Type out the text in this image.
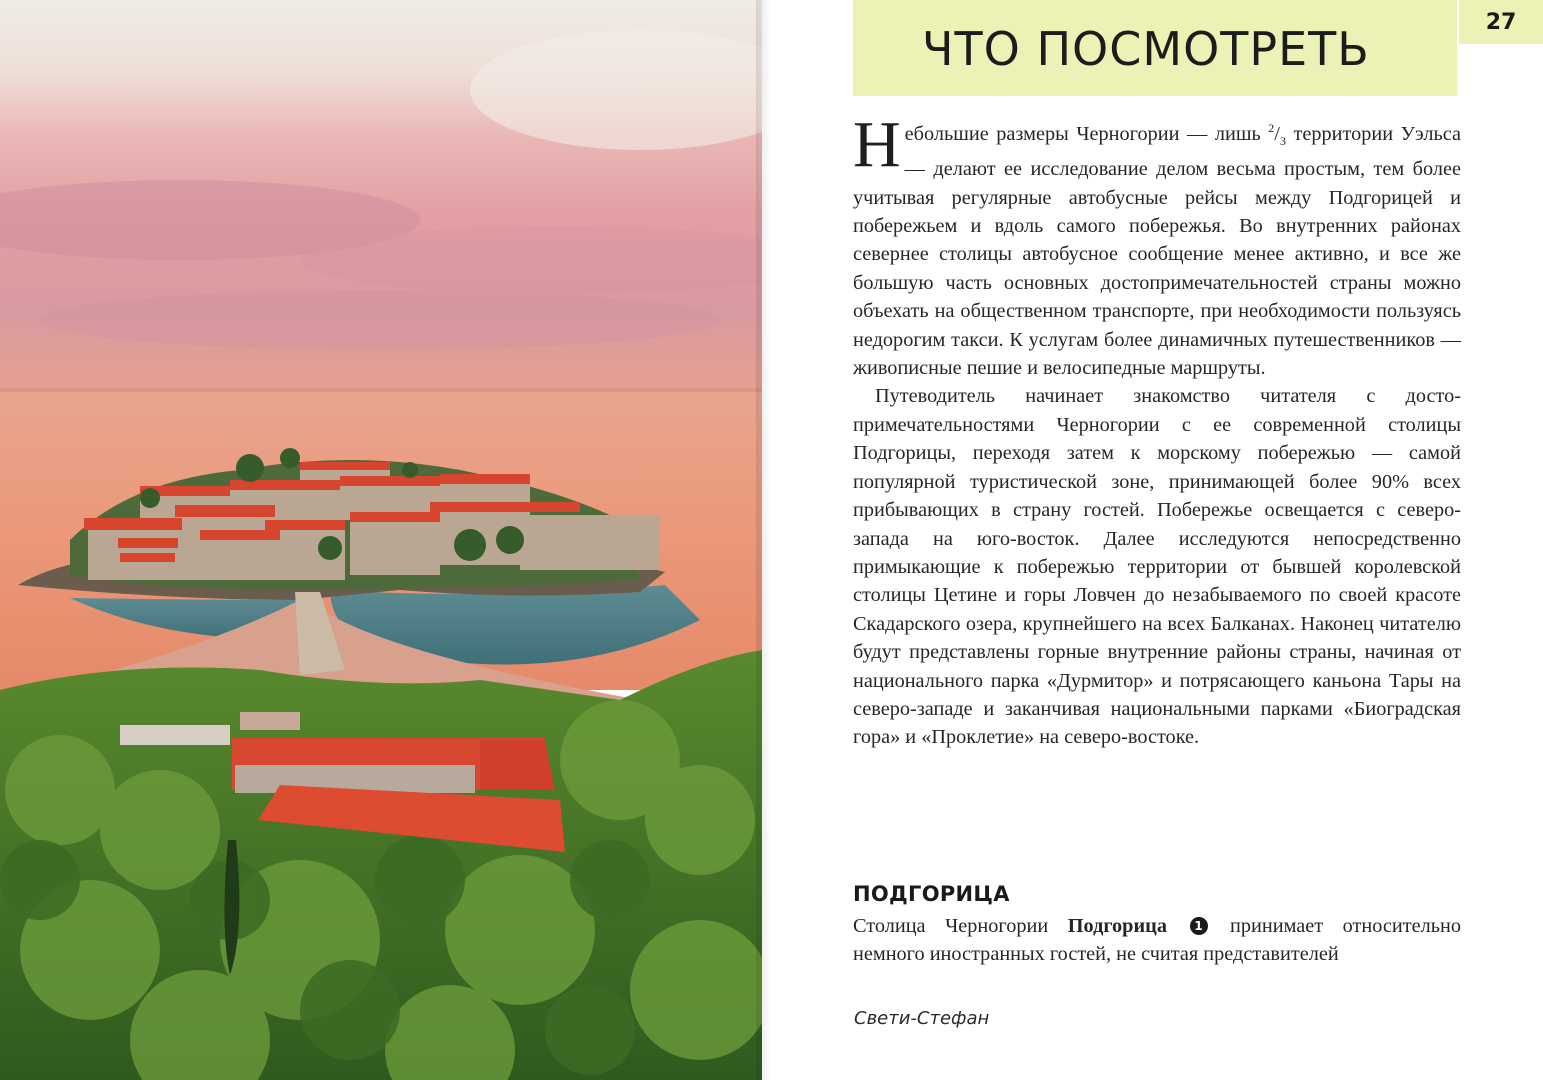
27
ЧТО ПОСМОТРЕТЬ

Небольшие размеры Черногории — лишь $^2/_3$ территории Уэльса — делают ее исследование делом весьма простым, тем более учитывая регулярные автобусные рейсы между Подгорицей и побережьем и вдоль самого побережья. Во внутренних районах севернее столицы автобусное сообщение менее активно, и все же большую часть основных достопримечательностей страны можно объехать на общественном транспорте, при необходимости пользуясь недорогим такси. К услугам более динамичных путешественников — живописные пешие и велосипедные маршруты.

Путеводитель начинает знакомство читателя с достопримечательностями Черногории с ее современной столицы Подгорицы, переходя затем к морскому побережью — самой популярной туристической зоне, принимающей более 90% всех прибывающих в страну гостей. Побережье освещается с северо-запада на юго-восток. Далее исследуются непосредственно примыкающие к побережью территории от бывшей королевской столицы Цетине и горы Ловчен до незабываемого по своей красоте Скадарского озера, крупнейшего на всех Балканах. Наконец читателю будут представлены горные внутренние районы страны, начиная от национального парка «Дурмитор» и потрясающего каньона Тары на северо-западе и заканчивая национальными парками «Биоградская гора» и «Проклетие» на северо-востоке.

ПОДГОРИЦА
Столица Черногории Подгорица 1 принимает относительно немного иностранных гостей, не считая представителей
Свети-Стефан
